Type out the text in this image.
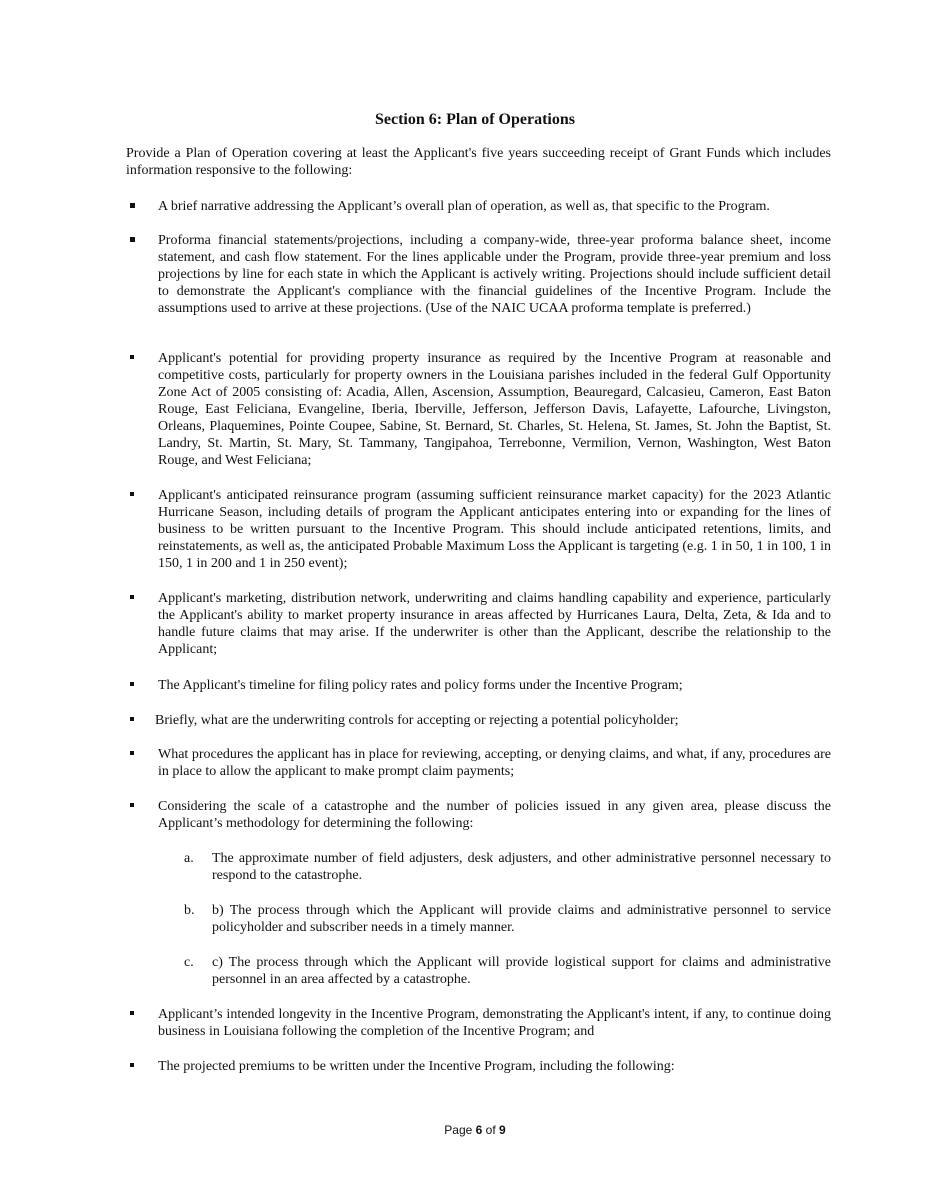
Section 6: Plan of Operations

Provide a Plan of Operation covering at least the Applicant's five years succeeding receipt of Grant Funds which includes information responsive to the following:

A brief narrative addressing the Applicant’s overall plan of operation, as well as, that specific to the Program.

Proforma financial statements/projections, including a company-wide, three-year proforma balance sheet, income statement, and cash flow statement. For the lines applicable under the Program, provide three-year premium and loss projections by line for each state in which the Applicant is actively writing. Projections should include sufficient detail to demonstrate the Applicant's compliance with the financial guidelines of the Incentive Program. Include the assumptions used to arrive at these projections. (Use of the NAIC UCAA proforma template is preferred.)

Applicant's potential for providing property insurance as required by the Incentive Program at reasonable and competitive costs, particularly for property owners in the Louisiana parishes included in the federal Gulf Opportunity Zone Act of 2005 consisting of: Acadia, Allen, Ascension, Assumption, Beauregard, Calcasieu, Cameron, East Baton Rouge, East Feliciana, Evangeline, Iberia, Iberville, Jefferson, Jefferson Davis, Lafayette, Lafourche, Livingston, Orleans, Plaquemines, Pointe Coupee, Sabine, St. Bernard, St. Charles, St. Helena, St. James, St. John the Baptist, St. Landry, St. Martin, St. Mary, St. Tammany, Tangipahoa, Terrebonne, Vermilion, Vernon, Washington, West Baton Rouge, and West Feliciana;

Applicant's anticipated reinsurance program (assuming sufficient reinsurance market capacity) for the 2023 Atlantic Hurricane Season, including details of program the Applicant anticipates entering into or expanding for the lines of business to be written pursuant to the Incentive Program. This should include anticipated retentions, limits, and reinstatements, as well as, the anticipated Probable Maximum Loss the Applicant is targeting (e.g. 1 in 50, 1 in 100, 1 in 150, 1 in 200 and 1 in 250 event);

Applicant's marketing, distribution network, underwriting and claims handling capability and experience, particularly the Applicant's ability to market property insurance in areas affected by Hurricanes Laura, Delta, Zeta, & Ida and to handle future claims that may arise. If the underwriter is other than the Applicant, describe the relationship to the Applicant;

The Applicant's timeline for filing policy rates and policy forms under the Incentive Program;

Briefly, what are the underwriting controls for accepting or rejecting a potential policyholder;

What procedures the applicant has in place for reviewing, accepting, or denying claims, and what, if any, procedures are in place to allow the applicant to make prompt claim payments;

Considering the scale of a catastrophe and the number of policies issued in any given area, please discuss the Applicant’s methodology for determining the following:

a.	The approximate number of field adjusters, desk adjusters, and other administrative personnel necessary to respond to the catastrophe.

b.	b) The process through which the Applicant will provide claims and administrative personnel to service policyholder and subscriber needs in a timely manner.

c.	c) The process through which the Applicant will provide logistical support for claims and administrative personnel in an area affected by a catastrophe.

Applicant’s intended longevity in the Incentive Program, demonstrating the Applicant's intent, if any, to continue doing business in Louisiana following the completion of the Incentive Program; and

The projected premiums to be written under the Incentive Program, including the following:

Page 6 of 9
